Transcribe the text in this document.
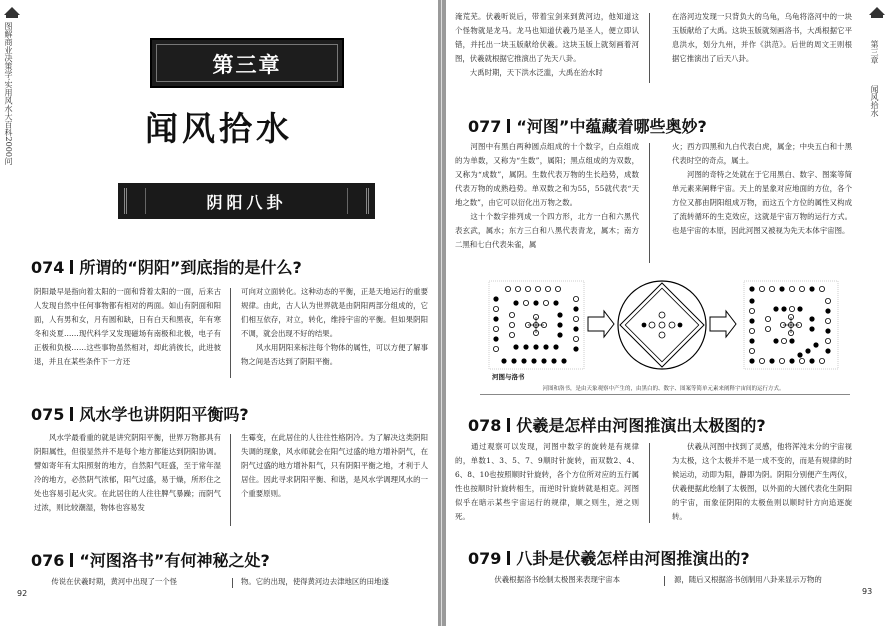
图解商业决策学·实用风水大百科2000问
92
第三章
闻风拾水
阴阳八卦
074 所谓的“阴阳”到底指的是什么?
阴阳最早是指向着太阳的一面和背着太阳的一面，后来古人发现自然中任何事物都有相对的两面。如山有阴面和阳面，人有男和女，月有圆和缺，日有白天和黑夜，年有寒冬和炎夏……现代科学又发现磁场有南极和北极，电子有正极和负极……这些事物虽然相对，却此消彼长，此进彼退，并且在某些条件下一方还
可向对立面转化。这种动态的平衡，正是天地运行的重要规律。由此，古人认为世界就是由阴阳两部分组成的，它们相互依存，对立，转化，维持宇宙的平衡。但如果阴阳不调，就会出现不好的结果。
　　风水用阴阳来标注每个物体的属性，可以方便了解事物之间是否达到了阴阳平衡。
075 风水学也讲阴阳平衡吗?
　　风水学最看重的就是讲究阴阳平衡，世界万物都具有阴阳属性，但很显然并不是每个地方都能达到阴阳协调。譬如寄年有太阳照射的地方，自然阳气旺盛，至于常年湿冷的地方，必然阴气浓郁，阳气过盛，易于燥，所形住之处也容易引起火灾。在此居住的人往往脾气暴躁；而阴气过浓，则比较潮湿，物体也容易发
生霉变，在此居住的人往往性格阴冷。为了解决这类阴阳失调的现象，风水师就会在阳气过盛的地方增补阴气，在阴气过盛的地方增补阳气，只有阴阳平衡之地，才利于人居住。因此寻求阴阳平衡、和谐，是风水学调理风水的一个重要原则。
076 “河图洛书”有何神秘之处?
　传说在伏羲时期，黄河中出现了一个怪	物。它的出现，使得黄河边去津地区的田地遂
第三章
闻风拾水
93
淹荒芜。伏羲听说后，带着宝剑来到黄河边，他知道这个怪物就是龙马。龙马也知道伏羲乃是圣人，便立即认错，并托出一块玉版献给伏羲。这块玉版上就刻画着河图，伏羲就根据它推演出了先天八卦。
　　大禹时期，天下洪水泛滥，大禹在治水时
在洛河边发现一只背负大的乌龟，乌龟将洛河中的一块玉版献给了大禹。这块玉版就刻画洛书，大禹根据它平息洪水，划分九州，并作《洪范》。后世的周文王则根据它推演出了后天八卦。
077 “河图”中蕴藏着哪些奥妙?
　　河图中有黑白两种圆点组成的十个数字，白点组成的为单数，又称为“生数”，属阳；黑点组成的为双数，又称为“成数”，属阴。生数代表万物的生长趋势，成数代表万物的成熟趋势。单双数之和为55，55就代表“天地之数”，由它可以衍化出万物之数。
　　这十个数字排列成一个四方形，北方一白和六黑代表玄武，属水；东方三白和八黑代表青龙，属木；南方二黑和七白代表朱雀，属
火；西方四黑和九白代表白虎，属金；中央五白和十黑代表时空的奇点，属土。
　　河图的奇特之处就在于它用黑白、数字、图案等简单元素来阐释宇宙。天上的星象对应地面的方位，各个方位又都由阴阳组成万物，而这五个方位的属性又构成了流转循环的生克效应，这就是宇宙万物的运行方式。也是宇宙的本原，因此河图又被视为先天本体宇宙图。
河图与洛书
河图和洛书，是由天象观察中产生的，由黑白的、数字、图案等简单元素来阐释宇宙间的运行方式。
078 伏羲是怎样由河图推演出太极图的?
　　通过观察可以发现，河图中数字的旋转是有规律的，单数1、3、5、7、9顺时针旋转，而双数2、4、6、8、10也按照顺时针旋转，各个方位所对应的五行属性也按顺时针旋转相生，而逆时针旋转就是相克。河图似乎在暗示某些宇宙运行的规律，顺之则生，逆之则死。
　　伏羲从河图中找到了灵感，他将浑沌未分的宇宙视为太极，这个太极并不是一成不变的，而是有规律的时候运动，动即为阳，静即为阴。阴阳分别便产生两仪，伏羲便据此绘制了太极图，以外面的大圆代表化生阴阳的宇宙，而象征阴阳的太极鱼则以顺时针方向追逐旋转。
079 八卦是伏羲怎样由河图推演出的?
　伏羲根据洛书绘制太极图来表现宇宙本	源，随后又根据洛书创制用八卦来显示万物的
